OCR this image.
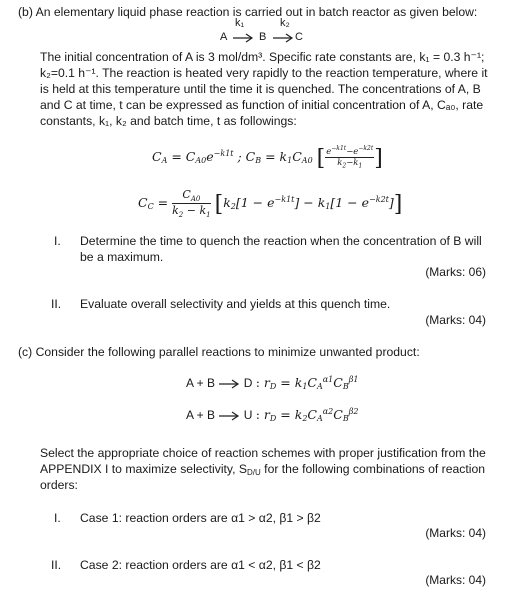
(b) An elementary liquid phase reaction is carried out in batch reactor as given below:
k₁	k₂
A	B	C
The initial concentration of A is 3 mol/dm³. Specific rate constants are, k₁ = 0.3 h⁻¹; k₂=0.1 h⁻¹. The reaction is heated very rapidly to the reaction temperature, where it is held at this temperature until the time it is quenched. The concentrations of A, B and C at time, t can be expressed as function of initial concentration of A, Cₐ₀, rate constants, k₁, k₂ and batch time, t as followings:
$C_A = C_{A0}e^{-k1t}$ ; $C_B = k_1C_{A0}$ [ $\frac{e^{-k1t}-e^{-k2t}}{k_2-k_1}$ ]
$C_C = \frac{C_{A0}}{k_2 - k_1} [k_2[1 - e^{-k1t}] - k_1[1 - e^{-k2t}]]$
I. Determine the time to quench the reaction when the concentration of B will
be a maximum.
(Marks: 06)
II. Evaluate overall selectivity and yields at this quench time.
(Marks: 04)
(c) Consider the following parallel reactions to minimize unwanted product:
A + B D : $r_D = k_1C_A^{\alpha 1}C_B^{\beta 1}$
A + B U : $r_D = k_2C_A^{\alpha 2}C_B^{\beta 2}$
Select the appropriate choice of reaction schemes with proper justification from the
APPENDIX I to maximize selectivity, $S_{D/U}$ for the following combinations of reaction
orders:
I. Case 1: reaction orders are α1 > α2, β1 > β2
(Marks: 04)
II. Case 2: reaction orders are α1 < α2, β1 < β2
(Marks: 04)
